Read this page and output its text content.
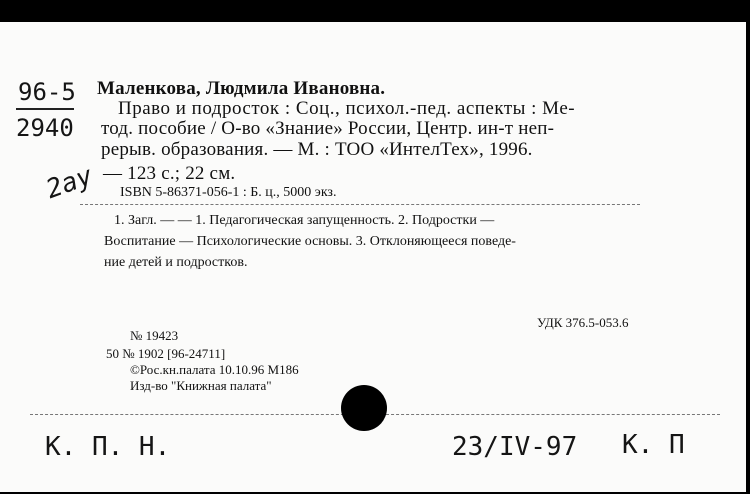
96-5
2940
2ay
Маленкова, Людмила Ивановна.
Право и подросток : Соц., психол.-пед. аспекты : Ме-
тод. пособие / О-во «Знание» России, Центр. ин-т неп-
рерыв. образования. — М. : ТОО «ИнтелТех», 1996.
— 123 с.; 22 см.
ISBN 5-86371-056-1 : Б. ц., 5000 экз.
1. Загл. — — 1. Педагогическая запущенность. 2. Подростки —
Воспитание — Психологические основы. 3. Отклоняющееся поведе-
ние детей и подростков.
УДК 376.5-053.6
№ 19423
50 № 1902 [96-24711]
©Рос.кн.палата 10.10.96 M186
Изд-во "Книжная палата"
К. П. Н.	23/IV-97 К. П
